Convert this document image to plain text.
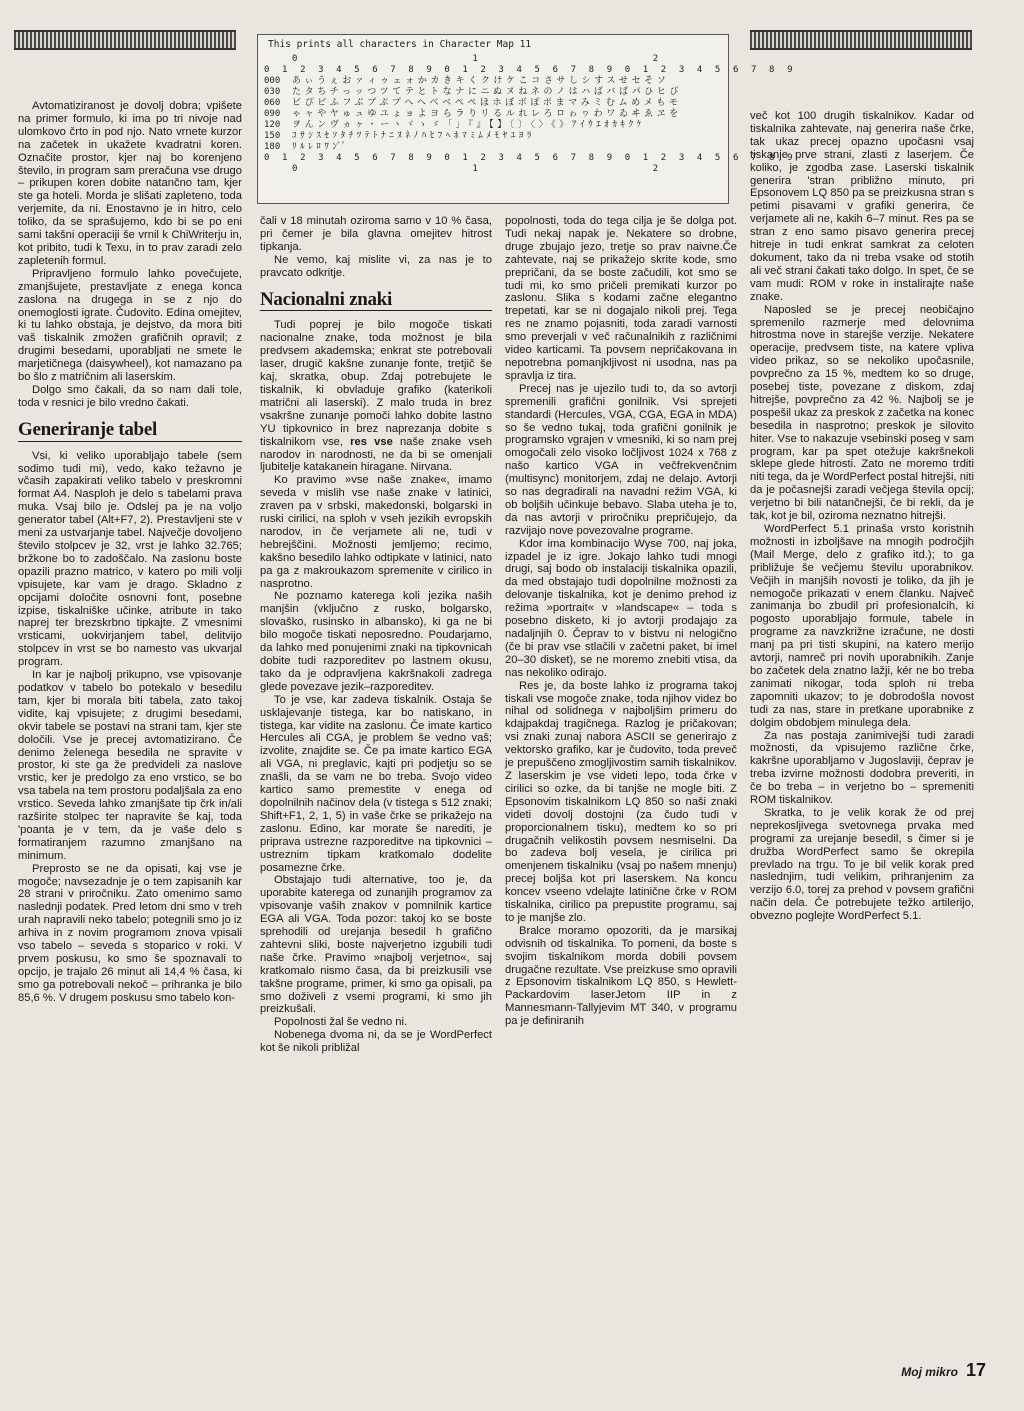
This prints all characters in Character Map 11
0                   1                   2
0 1 2 3 4 5 6 7 8 9 0 1 2 3 4 5 6 7 8 9 0 1 2 3 4 5 6 7 8 9
000	あぃうぇおァィゥェォかカきキくクけケこコさサしシすスせセそソ
030	たタちチっッつツてテとトなナにニぬヌねネのノはハばバぱパひヒび
060	ビぴピふフぶブぷプへヘべベぺペほホぼボぽポまマみミむムめメもモ
090	ゃャやヤゅュゆユょョよヨらラりリるルれレろロゎヮわワゐヰゑヱを
120	ヲんンヴヵヶ・ーヽヾゝゞ「」『』【】〔〕〈〉《》ｱｲｳｴｵｶｷｸｹ
150	ｺｻｼｽｾｿﾀﾁﾂﾃﾄﾅﾆﾇﾈﾉﾊﾋﾌﾍﾎﾏﾐﾑﾒﾓﾔﾕﾖﾗ
180	ﾘﾙﾚﾛﾜﾝﾞﾟ
0 1 2 3 4 5 6 7 8 9 0 1 2 3 4 5 6 7 8 9 0 1 2 3 4 5 6 7 8 9
0                   1                   2

Avtomatiziranost je dovolj dobra; vpišete na primer formulo, ki ima po tri nivoje nad ulomkovo črto in pod njo. Nato vrnete kurzor na začetek in ukažete kvadratni koren. Označite prostor, kjer naj bo korenjeno število, in program sam preračuna vse drugo – prikupen koren dobite natančno tam, kjer ste ga hoteli. Morda je slišati zapleteno, toda verjemite, da ni. Enostavno je in hitro, celo toliko, da se sprašujemo, kdo bi se po eni sami takšni operaciji še vrnil k ChiWriterju in, kot pribito, tudi k Texu, in to prav zaradi zelo zapletenih formul.

Pripravljeno formulo lahko povečujete, zmanjšujete, prestavljate z enega konca zaslona na drugega in se z njo do onemoglosti igrate. Čudovito. Edina omejitev, ki tu lahko obstaja, je dejstvo, da mora biti vaš tiskalnik zmožen grafičnih opravil; z drugimi besedami, uporabljati ne smete le marjetičnega (daisywheel), kot namazano pa bo šlo z matričnim ali laserskim.

Dolgo smo čakali, da so nam dali tole, toda v resnici je bilo vredno čakati.

Generiranje tabel

Vsi, ki veliko uporabljajo tabele (sem sodimo tudi mi), vedo, kako težavno je včasih zapakirati veliko tabelo v preskromni format A4. Nasploh je delo s tabelami prava muka. Vsaj bilo je. Odslej pa je na voljo generator tabel (Alt+F7, 2). Prestavljeni ste v meni za ustvarjanje tabel. Največje dovoljeno število stolpcev je 32, vrst je lahko 32.765; bržkone bo to zadoščalo. Na zaslonu boste opazili prazno matrico, v katero po mili volji vpisujete, kar vam je drago. Skladno z opcijami določite osnovni font, posebne izpise, tiskalniške učinke, atribute in tako naprej ter brezskrbno tipkajte. Z vmesnimi vrsticami, uokvirjanjem tabel, delitvijo stolpcev in vrst se bo namesto vas ukvarjal program.

In kar je najbolj prikupno, vse vpisovanje podatkov v tabelo bo potekalo v besedilu tam, kjer bi morala biti tabela, zato takoj vidite, kaj vpisujete; z drugimi besedami, okvir tabele se postavi na strani tam, kjer ste določili. Vse je precej avtomatizirano. Če denimo želenega besedila ne spravite v prostor, ki ste ga že predvideli za naslove vrstic, ker je predolgo za eno vrstico, se bo vsa tabela na tem prostoru podaljšala za eno vrstico. Seveda lahko zmanjšate tip črk in/ali razširite stolpec ter napravite še kaj, toda 'poanta je v tem, da je vaše delo s formatiranjem razumno zmanjšano na minimum.

Preprosto se ne da opisati, kaj vse je mogoče; navsezadnje je o tem zapisanih kar 28 strani v priročniku. Zato omenimo samo naslednji podatek. Pred letom dni smo v treh urah napravili neko tabelo; potegnili smo jo iz arhiva in z novim programom znova vpisali vso tabelo – seveda s stoparico v roki. V prvem poskusu, ko smo še spoznavali to opcijo, je trajalo 26 minut ali 14,4 % časa, ki smo ga potrebovali nekoč – prihranka je bilo 85,6 %. V drugem poskusu smo tabelo kon-

čali v 18 minutah oziroma samo v 10 % časa, pri čemer je bila glavna omejitev hitrost tipkanja.

Ne vemo, kaj mislite vi, za nas je to pravcato odkritje.

Nacionalni znaki

Tudi poprej je bilo mogoče tiskati nacionalne znake, toda možnost je bila predvsem akademska; enkrat ste potrebovali laser, drugič kakšne zunanje fonte, tretjič še kaj, skratka, obup. Zdaj potrebujete le tiskalnik, ki obvladuje grafiko (katerikoli matrični ali laserski). Z malo truda in brez vsakršne zunanje pomoči lahko dobite lastno YU tipkovnico in brez naprezanja dobite s tiskalnikom vse, res vse naše znake vseh narodov in narodnosti, ne da bi se omenjali ljubitelje katakanein hiragane. Nirvana.

Ko pravimo »vse naše znake«, imamo seveda v mislih vse naše znake v latinici, zraven pa v srbski, makedonski, bolgarski in ruski cirilici, na sploh v vseh jezikih evropskih narodov, in če verjamete ali ne, tudi v hebrejščini. Možnosti jemljemo; recimo, kakšno besedilo lahko odtipkate v latinici, nato pa ga z makroukazom spremenite v cirilico in nasprotno.

Ne poznamo katerega koli jezika naših manjšin (vključno z rusko, bolgarsko, slovaško, rusinsko in albansko), ki ga ne bi bilo mogoče tiskati neposredno. Poudarjamo, da lahko med ponujenimi znaki na tipkovnicah dobite tudi razporeditev po lastnem okusu, tako da je odpravljena kakršnakoli zadrega glede povezave jezik–razporeditev.

To je vse, kar zadeva tiskalnik. Ostaja še usklajevanje tistega, kar bo natiskano, in tistega, kar vidite na zaslonu. Če imate kartico Hercules ali CGA, je problem še vedno vaš; izvolite, znajdite se. Če pa imate kartico EGA ali VGA, ni preglavic, kajti pri podjetju so se znašli, da se vam ne bo treba. Svojo video kartico samo premestite v enega od dopolnilnih načinov dela (v tistega s 512 znaki; Shift+F1, 2, 1, 5) in vaše črke se prikažejo na zaslonu. Edino, kar morate še narediti, je priprava ustrezne razporeditve na tipkovnici – ustreznim tipkam kratkomalo dodelite posamezne črke.

Obstajajo tudi alternative, too je, da uporabite katerega od zunanjih programov za vpisovanje vaših znakov v pomnilnik kartice EGA ali VGA. Toda pozor: takoj ko se boste sprehodili od urejanja besedil h grafično zahtevni sliki, boste najverjetno izgubili tudi naše črke. Pravimo »najbolj verjetno«, saj kratkomalo nismo časa, da bi preizkusili vse takšne programe, primer, ki smo ga opisali, pa smo doživeli z vsemi programi, ki smo jih preizkušali.

Popolnosti žal še vedno ni.

Nobenega dvoma ni, da se je WordPerfect kot še nikoli približal

popolnosti, toda do tega cilja je še dolga pot. Tudi nekaj napak je. Nekatere so drobne, druge zbujajo jezo, tretje so prav naivne.Če zahtevate, naj se prikažejo skrite kode, smo prepričani, da se boste začudili, kot smo se tudi mi, ko smo pričeli premikati kurzor po zaslonu. Slika s kodami začne elegantno trepetati, kar se ni dogajalo nikoli prej. Tega res ne znamo pojasniti, toda zaradi varnosti smo preverjali v več računalnikih z različnimi video karticami. Ta povsem nepričakovana in nepotrebna pomanjkljivost ni usodna, nas pa spravlja iz tira.

Precej nas je ujezilo tudi to, da so avtorji spremenili grafični gonilnik. Vsi sprejeti standardi (Hercules, VGA, CGA, EGA in MDA) so še vedno tukaj, toda grafični gonilnik je programsko vgrajen v vmesniki, ki so nam prej omogočali zelo visoko ločljivost 1024 x 768 z našo kartico VGA in večfrekvenčnim (multisync) monitorjem, zdaj ne delajo. Avtorji so nas degradirali na navadni režim VGA, ki ob boljših učinkuje bebavo. Slaba uteha je to, da nas avtorji v priročniku prepričujejo, da razvijajo nove povezovalne programe.

Kdor ima kombinacijo Wyse 700, naj joka, izpadel je iz igre. Jokajo lahko tudi mnogi drugi, saj bodo ob instalaciji tiskalnika opazili, da med obstajajo tudi dopolnilne možnosti za delovanje tiskalnika, kot je denimo prehod iz režima »portrait« v »landscape« – toda s posebno disketo, ki jo avtorji prodajajo za nadaljnjih 0. Čeprav to v bistvu ni nelogično (če bi prav vse stlačili v začetni paket, bi imel 20–30 disket), se ne moremo znebiti vtisa, da nas nekoliko odirajo.

Res je, da boste lahko iz programa takoj tiskali vse mogoče znake, toda njihov videz bo nihal od solidnega v najboljšim primeru do kdajpakdaj tragičnega. Razlog je pričakovan; vsi znaki zunaj nabora ASCII se generirajo z vektorsko grafiko, kar je čudovito, toda preveč je prepuščeno zmogljivostim samih tiskalnikov. Z laserskim je vse videti lepo, toda črke v cirilici so ozke, da bi tanjše ne mogle biti. Z Epsonovim tiskalnikom LQ 850 so naši znaki videti dovolj dostojni (za čudo tudi v proporcionalnem tisku), medtem ko so pri drugačnih velikostih povsem nesmiselni. Da bo zadeva bolj vesela, je cirilica pri omenjenem tiskalniku (vsaj po našem mnenju) precej boljša kot pri laserskem. Na koncu koncev vseeno vdelajte latinične črke v ROM tiskalnika, cirilico pa prepustite programu, saj to je manjše zlo.

Bralce moramo opozoriti, da je marsikaj odvisnih od tiskalnika. To pomeni, da boste s svojim tiskalnikom morda dobili povsem drugačne rezultate. Vse preizkuse smo opravili z Epsonovim tiskalnikom LQ 850, s Hewlett-Packardovim laserJetom IIP in z Mannesmann-Tallyjevim MT 340, v programu pa je definiranih

več kot 100 drugih tiskalnikov. Kadar od tiskalnika zahtevate, naj generira naše črke, tak ukaz precej opazno upočasni vsaj tiskanje prve strani, zlasti z laserjem. Če koliko, je zgodba zase. Laserski tiskalnik generira 'stran približno minuto, pri Epsonovem LQ 850 pa se preizkusna stran s petimi pisavami v grafiki generira, če verjamete ali ne, kakih 6–7 minut. Res pa se stran z eno samo pisavo generira precej hitreje in tudi enkrat samkrat za celoten dokument, tako da ni treba vsake od stotih ali več strani čakati tako dolgo. In spet, če se vam mudi: ROM v roke in instalirajte naše znake.

Naposled se je precej neobičajno spremenilo razmerje med delovnima hitrostma nove in starejše verzije. Nekatere operacije, predvsem tiste, na katere vpliva video prikaz, so se nekoliko upočasnile, povprečno za 15 %, medtem ko so druge, posebej tiste, povezane z diskom, zdaj hitrejše, povprečno za 42 %. Najbolj se je pospešil ukaz za preskok z začetka na konec besedila in nasprotno; preskok je silovito hiter. Vse to nakazuje vsebinski poseg v sam program, kar pa spet otežuje kakršnekoli sklepe glede hitrosti. Zato ne moremo trditi niti tega, da je WordPerfect postal hitrejši, niti da je počasnejši zaradi večjega števila opcij; verjetno bi bili natančnejši, če bi rekli, da je tak, kot je bil, oziroma neznatno hitrejši.

WordPerfect 5.1 prinaša vrsto koristnih možnosti in izboljšave na mnogih področjih (Mail Merge, delo z grafiko itd.); to ga približuje še večjemu številu uporabnikov. Večjih in manjših novosti je toliko, da jih je nemogoče prikazati v enem članku. Največ zanimanja bo zbudil pri profesionalcih, ki pogosto uporabljajo formule, tabele in programe za navzkrižne izračune, ne dosti manj pa pri tisti skupini, na katero merijo avtorji, namreč pri novih uporabnikih. Zanje bo začetek dela znatno lažji, kér ne bo treba zanimati nikogar, toda sploh ni treba zapomniti ukazov; to je dobrodošla novost tudi za nas, stare in pretkane uporabnike z dolgim obdobjem minulega dela.

Za nas postaja zanimivejši tudi zaradi možnosti, da vpisujemo različne črke, kakršne uporabljamo v Jugoslaviji, čeprav je treba izvirne možnosti dodobra preveriti, in če bo treba – in verjetno bo – spremeniti ROM tiskalnikov.

Skratka, to je velik korak že od prej neprekosljivega svetovnega prvaka med programi za urejanje besedil, s čimer si je družba WordPerfect samo še okrepila prevlado na trgu. To je bil velik korak pred naslednjim, tudi velikim, prihranjenim za verzijo 6.0, torej za prehod v povsem grafični način dela. Če potrebujete težko artilerijo, obvezno poglejte WordPerfect 5.1.

Moj mikro 17
